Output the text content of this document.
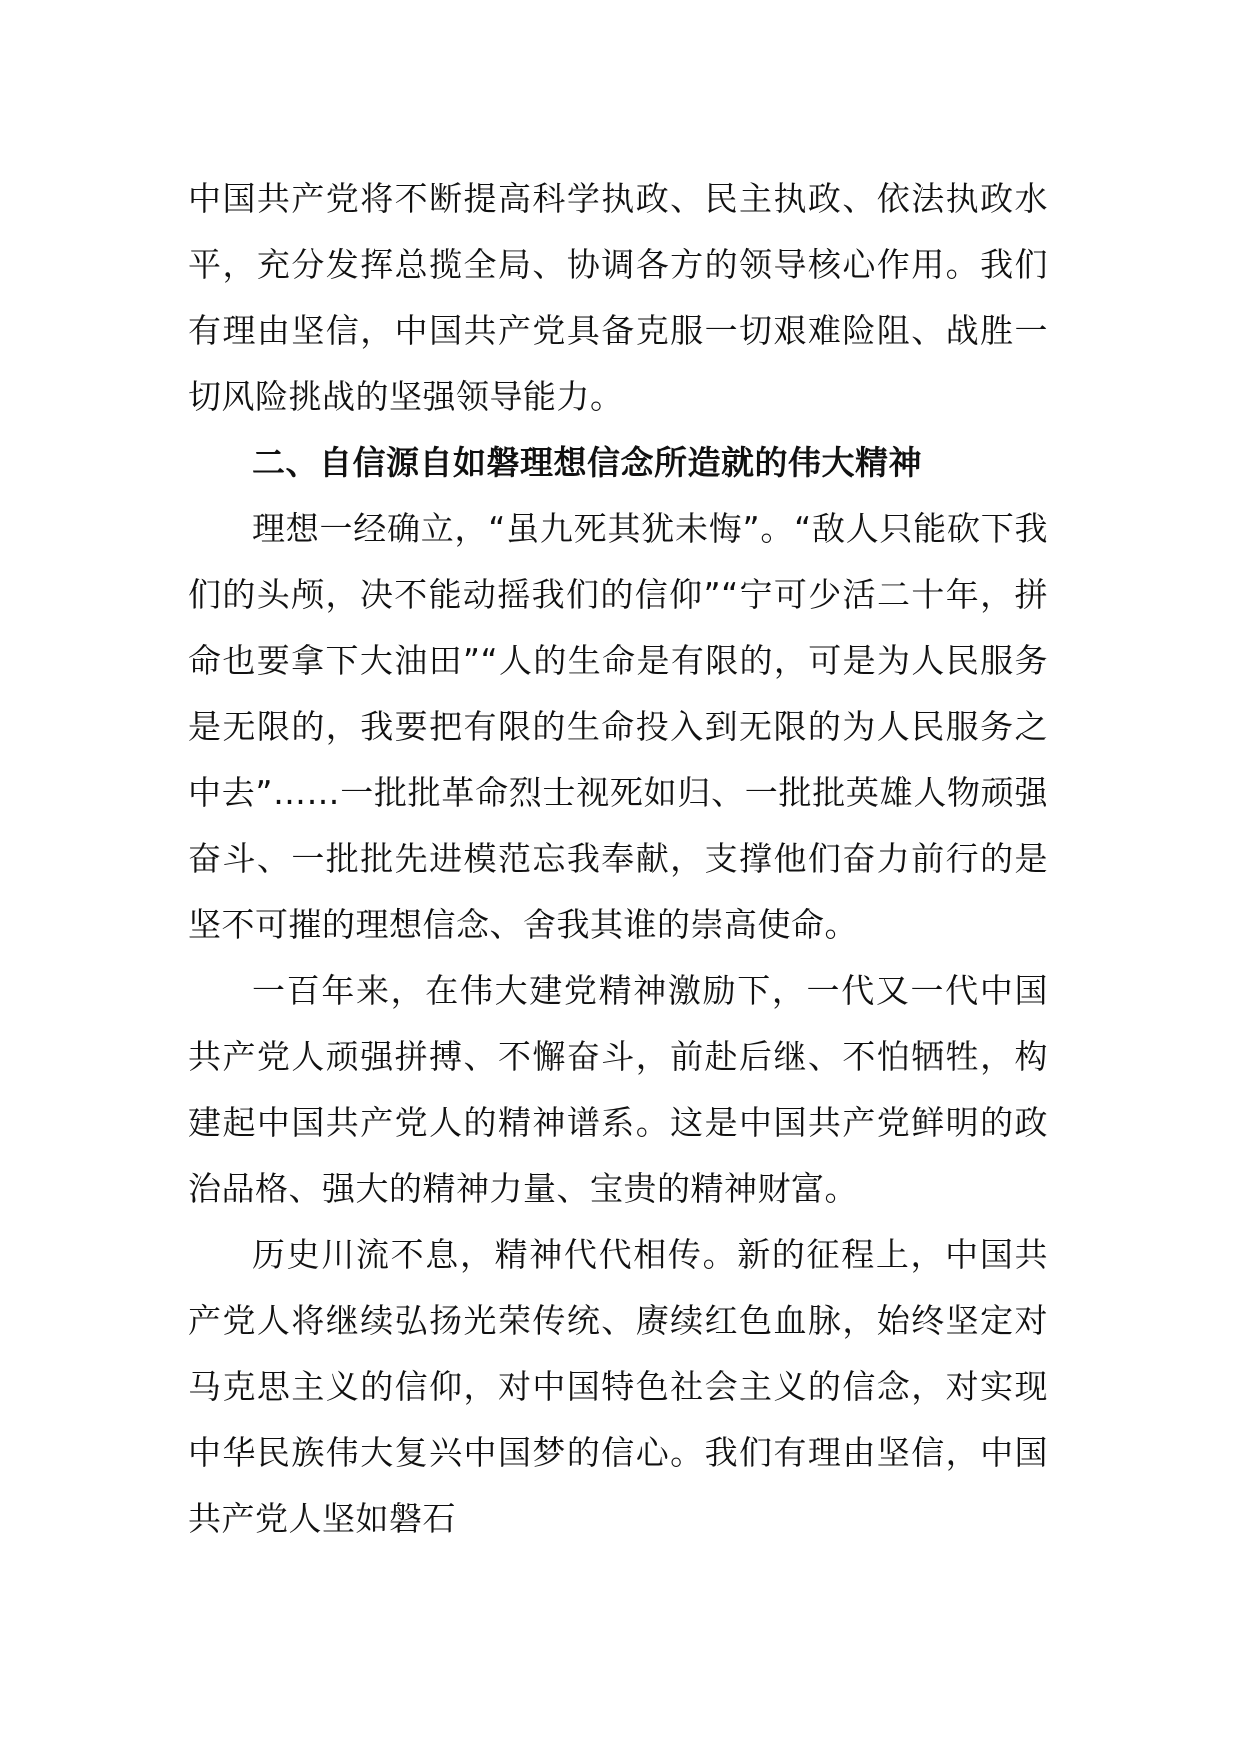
中国共产党将不断提高科学执政、民主执政、依法执政水平，充分发挥总揽全局、协调各方的领导核心作用。我们有理由坚信，中国共产党具备克服一切艰难险阻、战胜一切风险挑战的坚强领导能力。

二、自信源自如磐理想信念所造就的伟大精神

理想一经确立，“虽九死其犹未悔”。“敌人只能砍下我们的头颅，决不能动摇我们的信仰”“宁可少活二十年，拼命也要拿下大油田”“人的生命是有限的，可是为人民服务是无限的，我要把有限的生命投入到无限的为人民服务之中去”……一批批革命烈士视死如归、一批批英雄人物顽强奋斗、一批批先进模范忘我奉献，支撑他们奋力前行的是坚不可摧的理想信念、舍我其谁的崇高使命。

一百年来，在伟大建党精神激励下，一代又一代中国共产党人顽强拼搏、不懈奋斗，前赴后继、不怕牺牲，构建起中国共产党人的精神谱系。这是中国共产党鲜明的政治品格、强大的精神力量、宝贵的精神财富。

历史川流不息，精神代代相传。新的征程上，中国共产党人将继续弘扬光荣传统、赓续红色血脉，始终坚定对马克思主义的信仰，对中国特色社会主义的信念，对实现中华民族伟大复兴中国梦的信心。我们有理由坚信，中国共产党人坚如磐石
